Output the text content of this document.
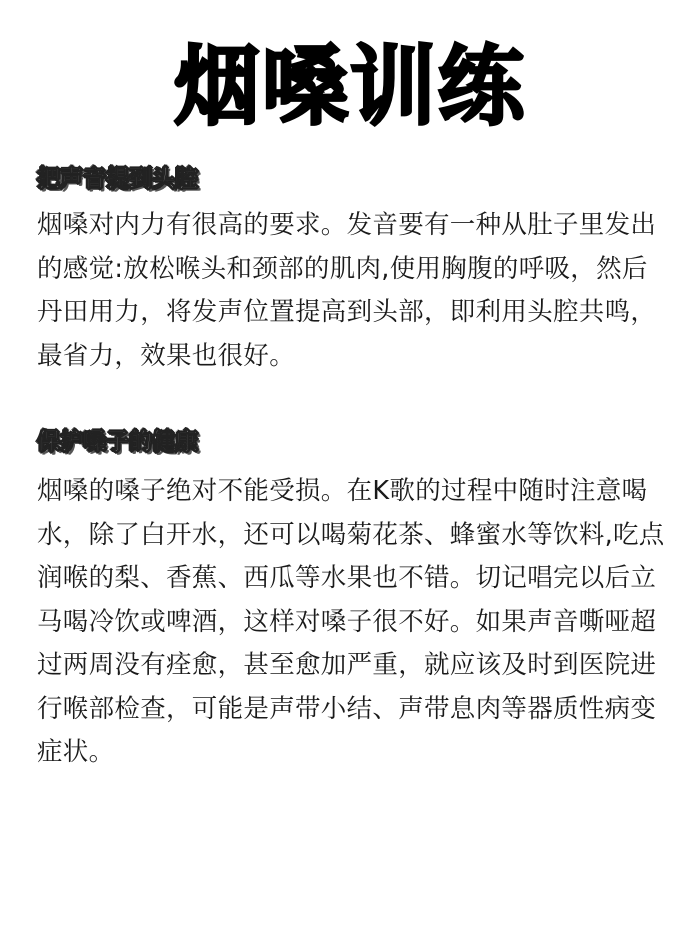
烟嗓训练
把声音提到头腔

烟嗓对内力有很高的要求。发音要有一种从肚子里发出的感觉:放松喉头和颈部的肌肉,使用胸腹的呼吸，然后丹田用力，将发声位置提高到头部，即利用头腔共鸣，最省力，效果也很好。

保护嗓子的健康

烟嗓的嗓子绝对不能受损。在K歌的过程中随时注意喝水，除了白开水，还可以喝菊花茶、蜂蜜水等饮料,吃点润喉的梨、香蕉、西瓜等水果也不错。切记唱完以后立马喝冷饮或啤酒，这样对嗓子很不好。如果声音嘶哑超过两周没有痊愈，甚至愈加严重，就应该及时到医院进行喉部检查，可能是声带小结、声带息肉等器质性病变症状。
